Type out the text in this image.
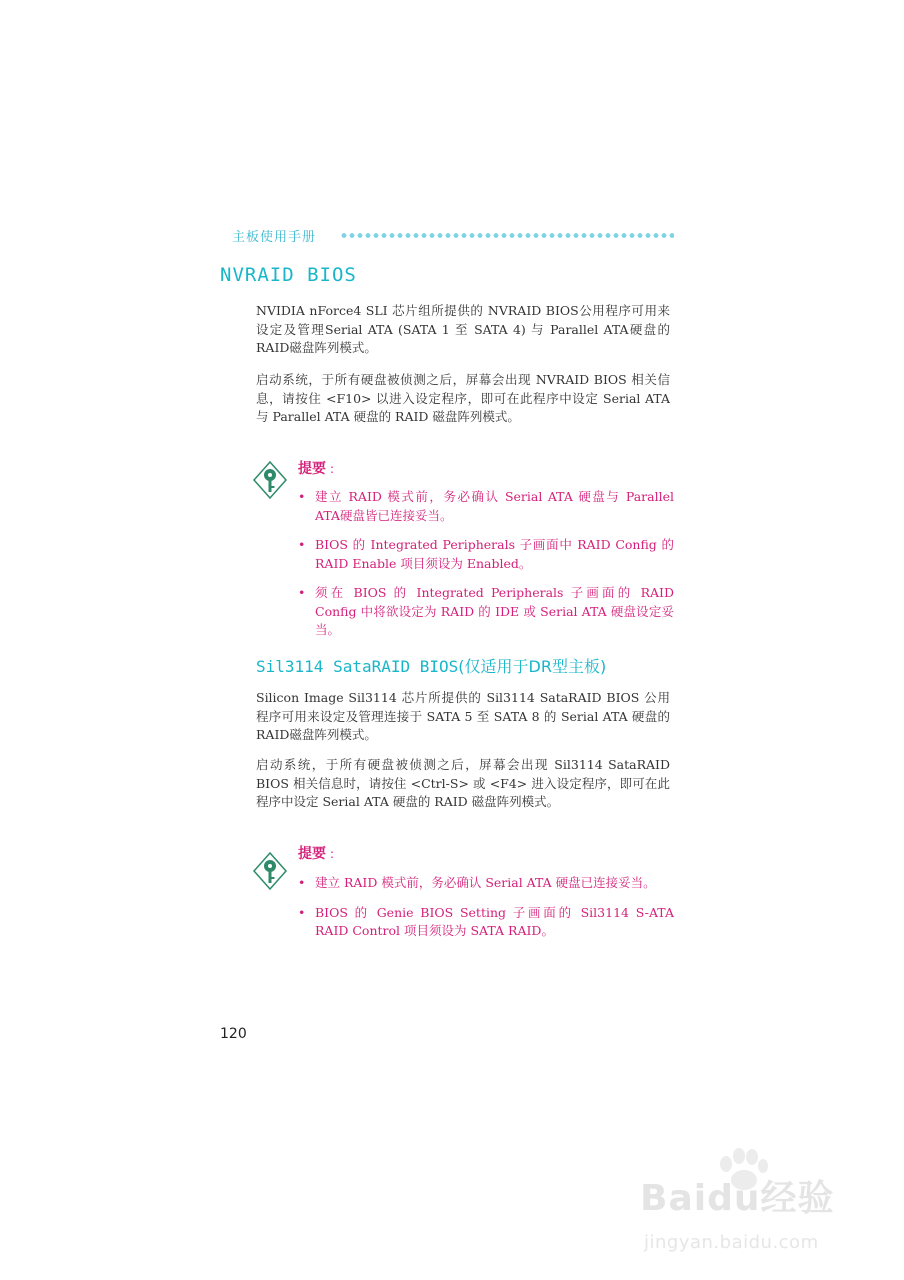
主板使用手册
NVRAID BIOS

NVIDIA nForce4 SLI 芯片组所提供的 NVRAID BIOS公用程序可用来设定及管理Serial ATA (SATA 1 至 SATA 4) 与 Parallel ATA硬盘的RAID磁盘阵列模式。

启动系统，于所有硬盘被侦测之后，屏幕会出现 NVRAID BIOS 相关信息，请按住 <F10> 以进入设定程序，即可在此程序中设定 Serial ATA 与 Parallel ATA 硬盘的 RAID 磁盘阵列模式。

提要 :
• 建立 RAID 模式前，务必确认 Serial ATA 硬盘与 Parallel ATA硬盘皆已连接妥当。
• BIOS 的 Integrated Peripherals 子画面中 RAID Config 的RAID Enable 项目须设为 Enabled。
• 须在 BIOS 的 Integrated Peripherals 子画面的 RAID Config 中将欲设定为 RAID 的 IDE 或 Serial ATA 硬盘设定妥当。
Sil3114 SataRAID BIOS(仅适用于DR型主板)

Silicon Image Sil3114 芯片所提供的 Sil3114 SataRAID BIOS 公用程序可用来设定及管理连接于 SATA 5 至 SATA 8 的 Serial ATA 硬盘的RAID磁盘阵列模式。

启动系统，于所有硬盘被侦测之后，屏幕会出现 Sil3114 SataRAID BIOS 相关信息时，请按住 <Ctrl-S> 或 <F4> 进入设定程序，即可在此程序中设定 Serial ATA 硬盘的 RAID 磁盘阵列模式。

提要 :
• 建立 RAID 模式前，务必确认 Serial ATA 硬盘已连接妥当。
• BIOS 的 Genie BIOS Setting 子画面的 Sil3114 S-ATA RAID Control 项目须设为 SATA RAID。
120
Baidu经验
jingyan.baidu.com
